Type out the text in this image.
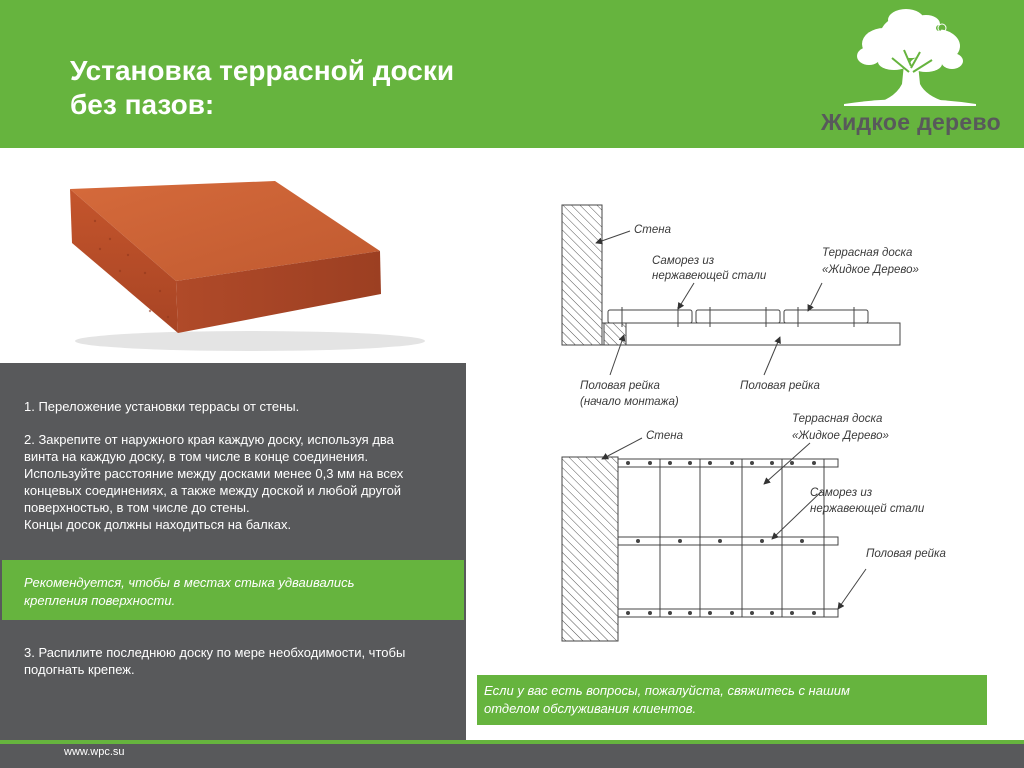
Установка террасной доски
без пазов:
Жидкое дерево
Стена
Саморез из
нержавеющей стали
Террасная доска
«Жидкое Дерево»
Половая рейка
(начало монтажа)
Половая рейка
Стена
Террасная доска
«Жидкое Дерево»
Саморез из
нержавеющей стали
Половая рейка

1. Переложение установки террасы от стены.

2. Закрепите от наружного края каждую доску, используя два
винта на каждую доску, в том числе в конце соединения.
Используйте расстояние между досками менее 0,3 мм на всех
концевых соединениях, а также между доской и любой другой
поверхностью, в том числе до стены.
Концы досок должны находиться на балках.

Рекомендуется, чтобы в местах стыка удваивались
крепления поверхности.

3. Распилите последнюю доску по мере необходимости, чтобы
подогнать крепеж.

Если у вас есть вопросы, пожалуйста, свяжитесь с нашим
отделом обслуживания клиентов.
www.wpc.su
